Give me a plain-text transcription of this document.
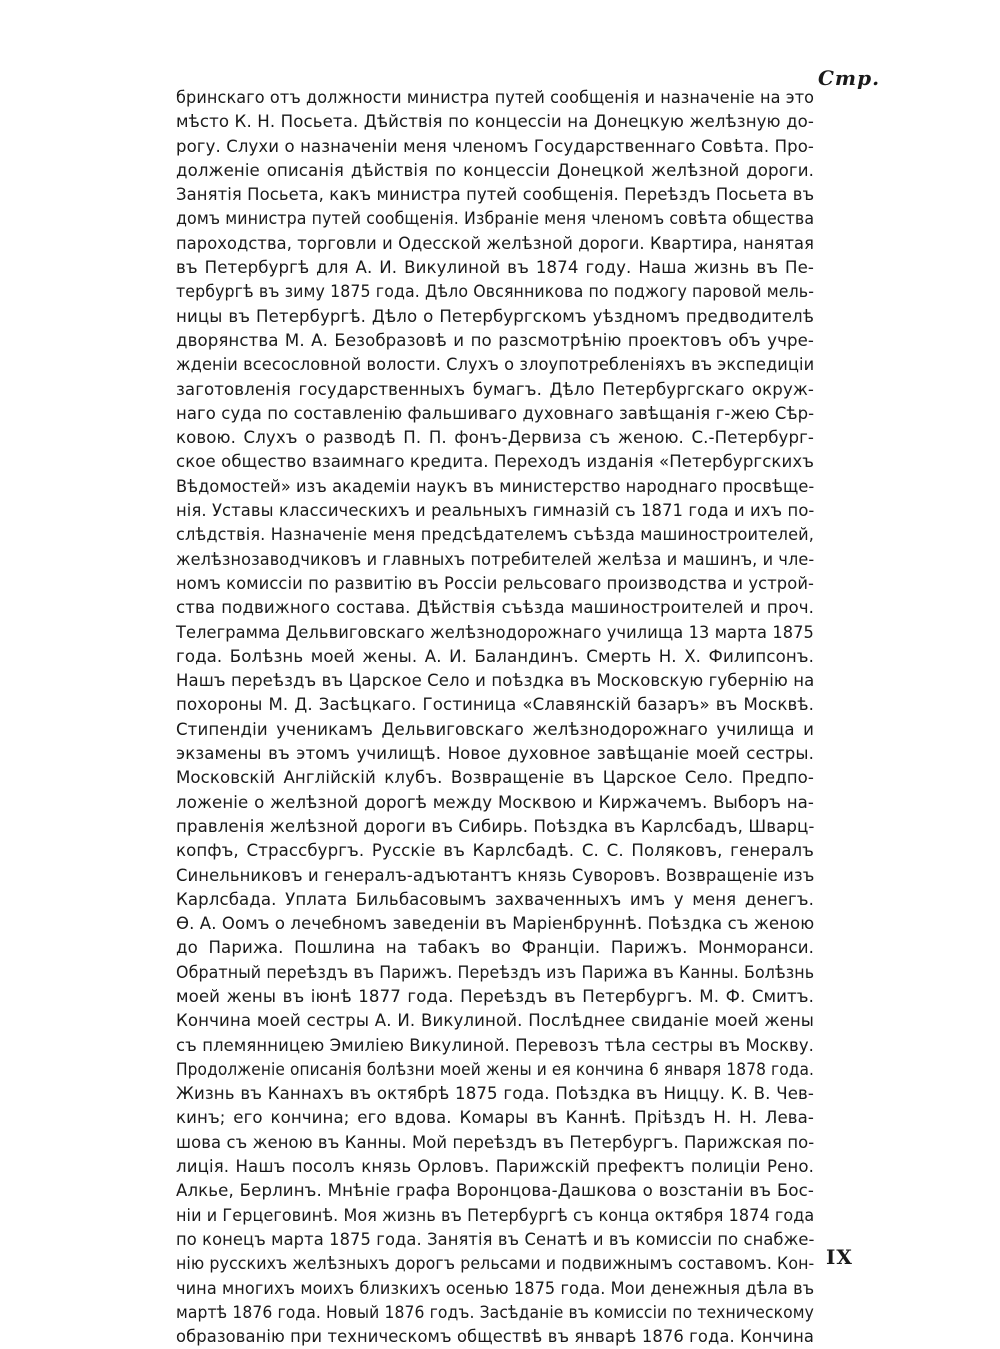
Стр.
бринскаго отъ должности министра путей сообщенія и назначеніе на это
мѣсто К. Н. Посьета. Дѣйствія по концессіи на Донецкую желѣзную до-
рогу. Слухи о назначеніи меня членомъ Государственнаго Совѣта. Про-
долженіе описанія дѣйствія по концессіи Донецкой желѣзной дороги.
Занятія Посьета, какъ министра путей сообщенія. Переѣздъ Посьета въдомъ министра путей сообщенія. Избраніе меня членомъ совѣта обществапароходства, торговли и Одесской желѣзной дороги. Квартира, нанятая
въ Петербургѣ для А. И. Викулиной въ 1874 году. Наша жизнь въ Пе-
тербургѣ въ зиму 1875 года. Дѣло Овсянникова по поджогу паровой мель-
ницы въ Петербургѣ. Дѣло о Петербургскомъ уѣздномъ предводителѣ
дворянства М. А. Безобразовѣ и по разсмотрѣнію проектовъ объ учре-
жденіи всесословной волости. Слухъ о злоупотребленіяхъ въ экспедиціи
заготовленія государственныхъ бумагъ. Дѣло Петербургскаго окруж-
наго суда по составленію фальшиваго духовнаго завѣщанія г-жею Сѣр-
ковою. Слухъ о разводѣ П. П. фонъ-Дервиза съ женою. С.-Петербург-
ское общество взаимнаго кредита. Переходъ изданія «ПетербургскихъВѣдомостей» изъ академіи наукъ въ министерство народнаго просвѣще-нія. Уставы классическихъ и реальныхъ гимназій съ 1871 года и ихъ по-слѣдствія. Назначеніе меня предсѣдателемъ съѣзда машиностроителей,желѣзнозаводчиковъ и главныхъ потребителей желѣза и машинъ, и чле-номъ комиссіи по развитію въ Россіи рельсоваго производства и устрой-
ства подвижного состава. Дѣйствія съѣзда машиностроителей и проч.
Телеграмма Дельвиговскаго желѣзнодорожнаго училища 13 марта 1875
года. Болѣзнь моей жены. А. И. Баландинъ. Смерть Н. Х. Филипсонъ.
Нашъ переѣздъ въ Царское Село и поѣздка въ Московскую губернію на
похороны М. Д. Засѣцкаго. Гостиница «Славянскій базаръ» въ Москвѣ.
Стипендіи ученикамъ Дельвиговскаго желѣзнодорожнаго училища и
экзамены въ этомъ училищѣ. Новое духовное завѣщаніе моей сестры.
Московскій Англійскій клубъ. Возвращеніе въ Царское Село. Предпо-
ложеніе о желѣзной дорогѣ между Москвою и Киржачемъ. Выборъ на-
правленія желѣзной дороги въ Сибирь. Поѣздка въ Карлсбадъ, Шварц-
копфъ, Страссбургъ. Русскіе въ Карлсбадѣ. С. С. Поляковъ, генералъ
Синельниковъ и генералъ-адъютантъ князь Суворовъ. Возвращеніе изъ
Карлсбада. Уплата Бильбасовымъ захваченныхъ имъ у меня денегъ.
Ѳ. А. Оомъ о лечебномъ заведеніи въ Маріенбруннѣ. Поѣздка съ женою
до Парижа. Пошлина на табакъ во Франціи. Парижъ. Монморанси.
Обратный переѣздъ въ Парижъ. Переѣздъ изъ Парижа въ Канны. Болѣзнь
моей жены въ іюнѣ 1877 года. Переѣздъ въ Петербургъ. М. Ф. Смитъ.
Кончина моей сестры А. И. Викулиной. Послѣднее свиданіе моей жены
съ племянницею Эмиліею Викулиной. Перевозъ тѣла сестры въ Москву.Продолженіе описанія болѣзни моей жены и ея кончина 6 января 1878 года.
Жизнь въ Каннахъ въ октябрѣ 1875 года. Поѣздка въ Ниццу. К. В. Чев-
кинъ; его кончина; его вдова. Комары въ Каннѣ. Пріѣздъ Н. Н. Лева-
шова съ женою въ Канны. Мой переѣздъ въ Петербургъ. Парижская по-
лиція. Нашъ посолъ князь Орловъ. Парижскій префектъ полиціи Рено.
Алкье, Берлинъ. Мнѣніе графа Воронцова-Дашкова о возстаніи въ Бос-
ніи и Герцеговинѣ. Моя жизнь въ Петербургѣ съ конца октября 1874 годапо конецъ марта 1875 года. Занятія въ Сенатѣ и въ комиссіи по снабже-нію русскихъ желѣзныхъ дорогъ рельсами и подвижнымъ составомъ. Кон-чина многихъ моихъ близкихъ осенью 1875 года. Мои денежныя дѣла въмартѣ 1876 года. Новый 1876 годъ. Засѣданіе въ комиссіи по техническомуобразованію при техническомъ обществѣ въ январѣ 1876 года. Кончина
IX
